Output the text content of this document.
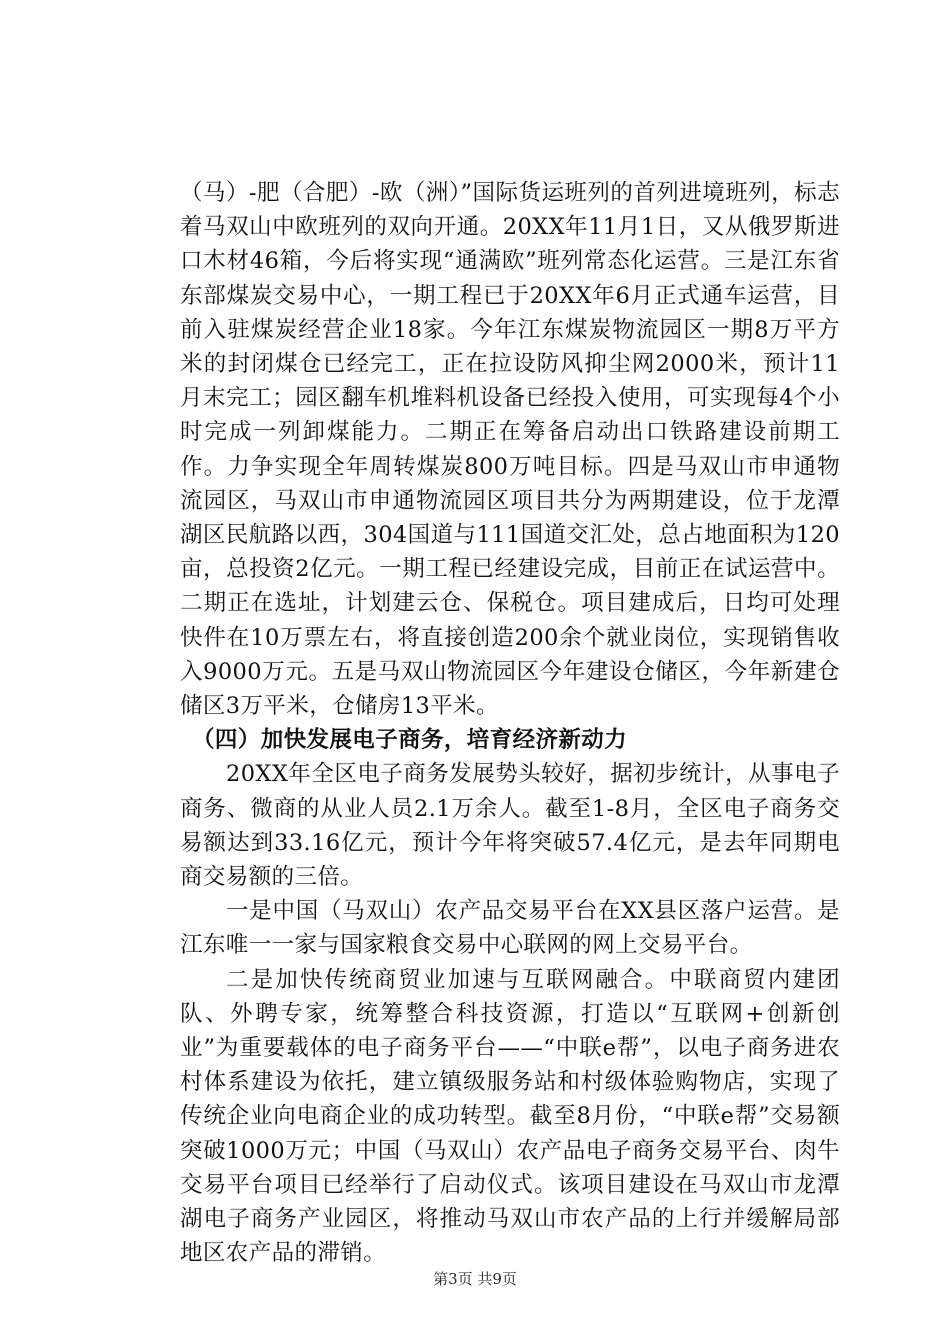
（马）-肥（合肥）-欧（洲）”国际货运班列的首列进境班列，标志着马双山中欧班列的双向开通。20XX年11月1日，又从俄罗斯进口木材46箱，今后将实现“通满欧”班列常态化运营。三是江东省东部煤炭交易中心，一期工程已于20XX年6月正式通车运营，目前入驻煤炭经营企业18家。今年江东煤炭物流园区一期8万平方米的封闭煤仓已经完工，正在拉设防风抑尘网2000米，预计11月末完工；园区翻车机堆料机设备已经投入使用，可实现每4个小时完成一列卸煤能力。二期正在筹备启动出口铁路建设前期工作。力争实现全年周转煤炭800万吨目标。四是马双山市申通物流园区，马双山市申通物流园区项目共分为两期建设，位于龙潭湖区民航路以西，304国道与111国道交汇处，总占地面积为120亩，总投资2亿元。一期工程已经建设完成，目前正在试运营中。二期正在选址，计划建云仓、保税仓。项目建成后，日均可处理快件在10万票左右，将直接创造200余个就业岗位，实现销售收入9000万元。五是马双山物流园区今年建设仓储区，今年新建仓储区3万平米，仓储房13平米。

（四）加快发展电子商务，培育经济新动力

20XX年全区电子商务发展势头较好，据初步统计，从事电子商务、微商的从业人员2.1万余人。截至1-8月，全区电子商务交易额达到33.16亿元，预计今年将突破57.4亿元，是去年同期电商交易额的三倍。

一是中国（马双山）农产品交易平台在XX县区落户运营。是江东唯一一家与国家粮食交易中心联网的网上交易平台。

二是加快传统商贸业加速与互联网融合。中联商贸内建团队、外聘专家，统筹整合科技资源，打造以“互联网+创新创业”为重要载体的电子商务平台——“中联e帮”，以电子商务进农村体系建设为依托，建立镇级服务站和村级体验购物店，实现了传统企业向电商企业的成功转型。截至8月份，“中联e帮”交易额突破1000万元；中国（马双山）农产品电子商务交易平台、肉牛交易平台项目已经举行了启动仪式。该项目建设在马双山市龙潭湖电子商务产业园区，将推动马双山市农产品的上行并缓解局部地区农产品的滞销。

第3页 共9页
